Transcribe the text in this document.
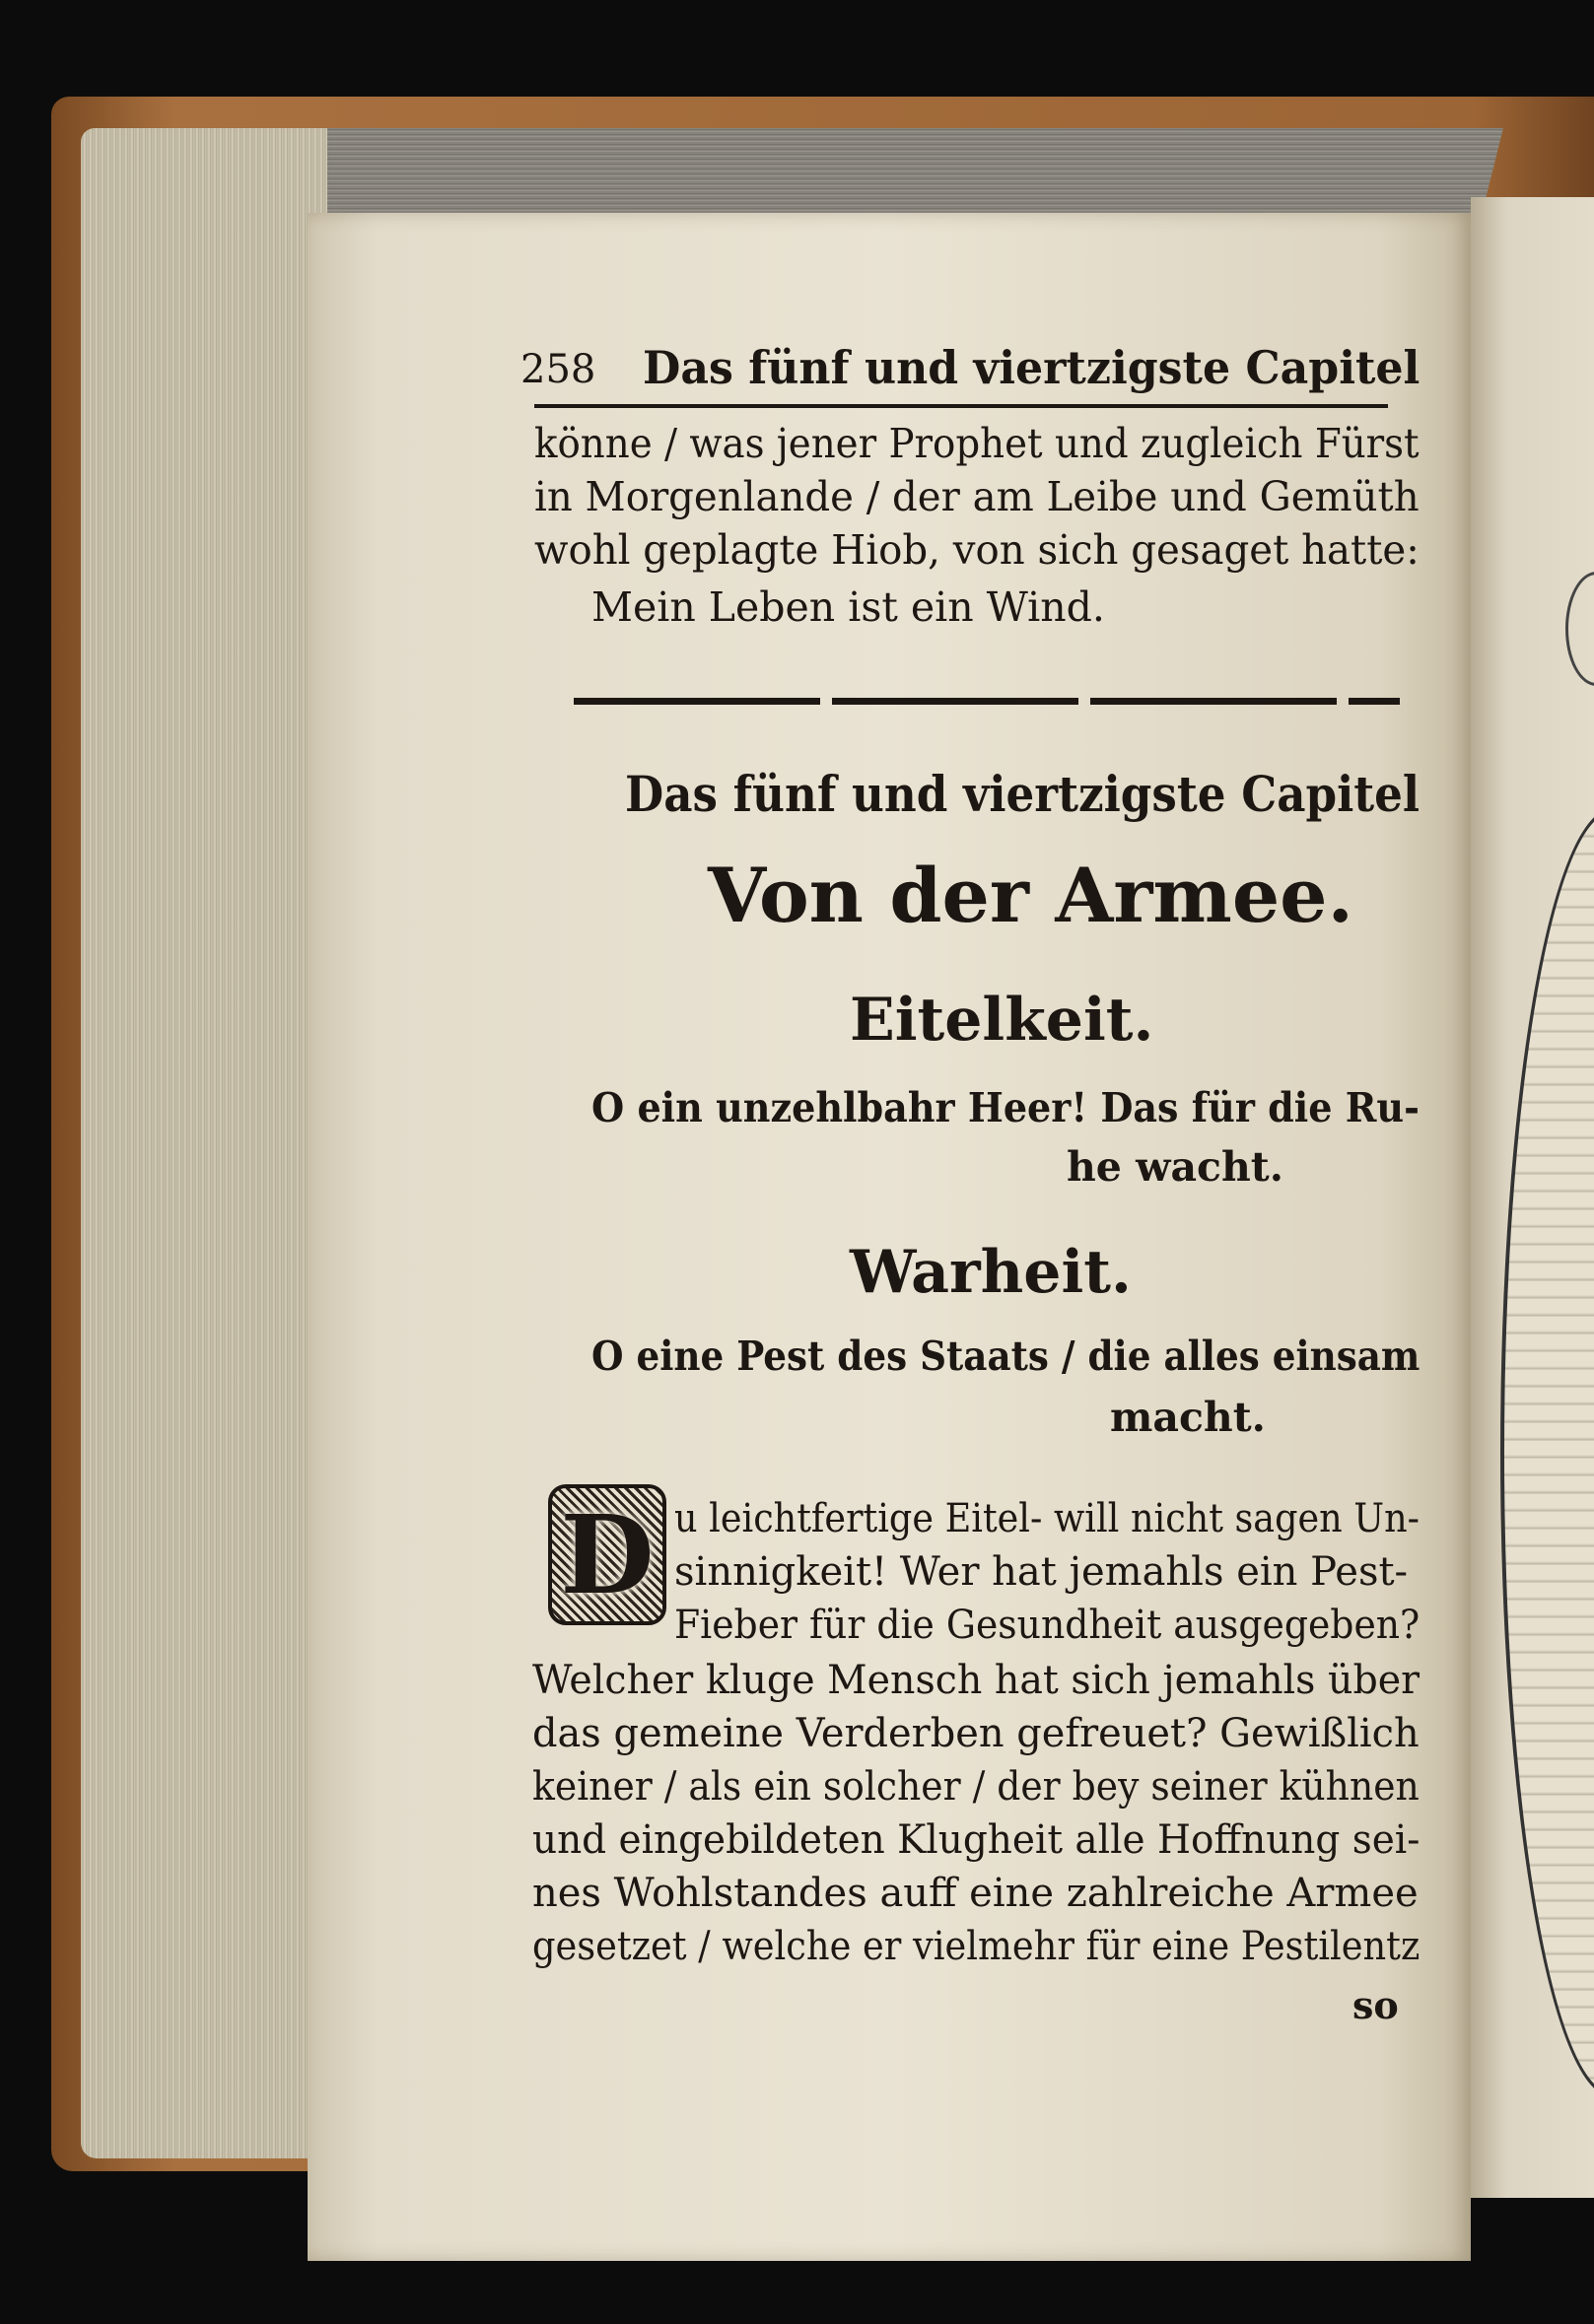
258 Das fünf und viertzigste Capitel
könne / was jener Prophet und zugleich Fürst
in Morgenlande / der am Leibe und Gemüth
wohl geplagte Hiob, von sich gesaget hatte:
Mein Leben ist ein Wind.
Das fünf und viertzigste Capitel
Von der Armee.
Eitelkeit.
O ein unzehlbahr Heer! Das für die Ru-
he wacht.
Warheit.
O eine Pest des Staats / die alles einsam
macht.
D u leichtfertige Eitel- will nicht sagen Un-
sinnigkeit! Wer hat jemahls ein Pest-
Fieber für die Gesundheit ausgegeben?
Welcher kluge Mensch hat sich jemahls über
das gemeine Verderben gefreuet? Gewißlich
keiner / als ein solcher / der bey seiner kühnen
und eingebildeten Klugheit alle Hoffnung sei-
nes Wohlstandes auff eine zahlreiche Armee
gesetzet / welche er vielmehr für eine Pestilentz
so
